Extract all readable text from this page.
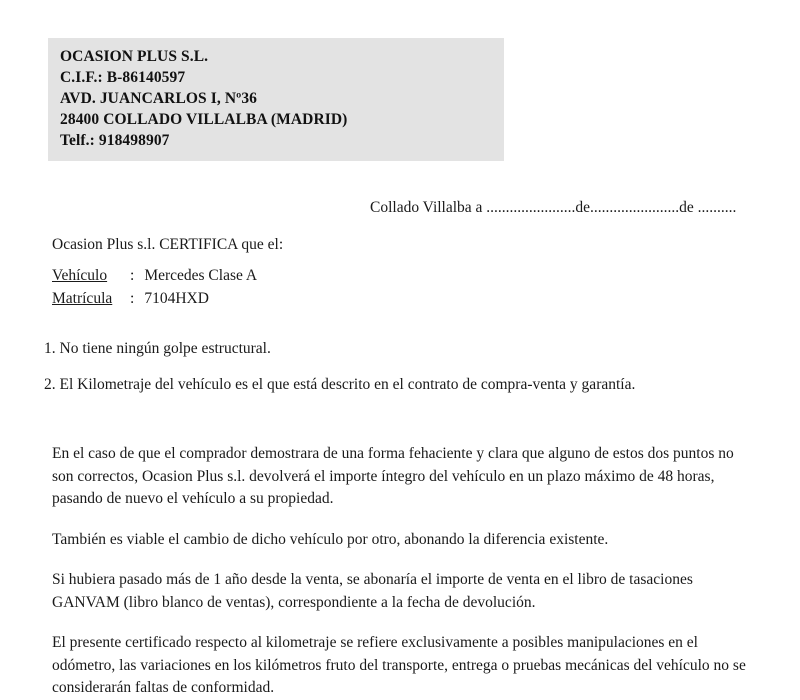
OCASION PLUS S.L.
C.I.F.: B-86140597
AVD. JUANCARLOS I, Nº36
28400 COLLADO VILLALBA (MADRID)
Telf.: 918498907
Collado Villalba a .......................de.......................de ..........
Ocasion Plus s.l. CERTIFICA que el:
Vehículo : Mercedes Clase A
Matrícula : 7104HXD
1. No tiene ningún golpe estructural.
2. El Kilometraje del vehículo es el que está descrito en el contrato de compra-venta y garantía.
En el caso de que el comprador demostrara de una forma fehaciente y clara que alguno de estos dos puntos no son correctos, Ocasion Plus s.l. devolverá el importe íntegro del vehículo en un plazo máximo de 48 horas, pasando de nuevo el vehículo a su propiedad.
También es viable el cambio de dicho vehículo por otro, abonando la diferencia existente.
Si hubiera pasado más de 1 año desde la venta, se abonaría el importe de venta en el libro de tasaciones GANVAM (libro blanco de ventas), correspondiente a la fecha de devolución.
El presente certificado respecto al kilometraje se refiere exclusivamente a posibles manipulaciones en el odómetro, las variaciones en los kilómetros fruto del transporte, entrega o pruebas mecánicas del vehículo no se considerarán faltas de conformidad.
